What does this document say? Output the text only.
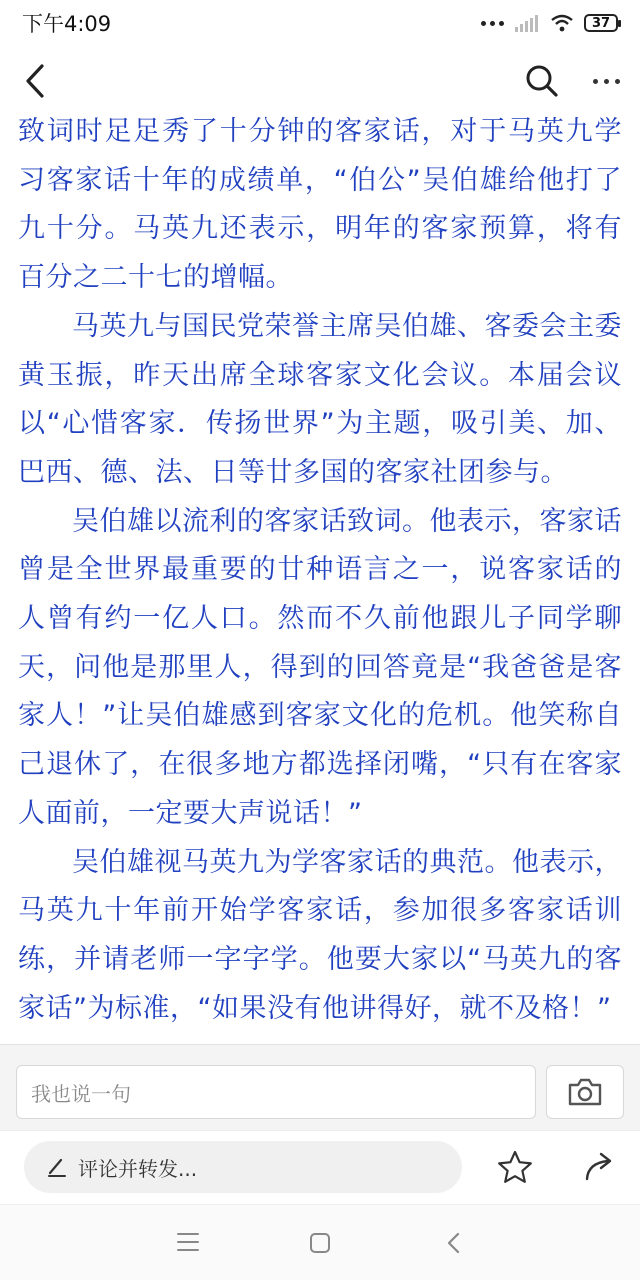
下午4:09	37

致词时足足秀了十分钟的客家话，对于马英九学习客家话十年的成绩单，“伯公”吴伯雄给他打了九十分。马英九还表示，明年的客家预算，将有百分之二十七的增幅。

马英九与国民党荣誉主席吴伯雄、客委会主委黄玉振，昨天出席全球客家文化会议。本届会议以“心惜客家．传扬世界”为主题，吸引美、加、巴西、德、法、日等廿多国的客家社团参与。

吴伯雄以流利的客家话致词。他表示，客家话曾是全世界最重要的廿种语言之一，说客家话的人曾有约一亿人口。然而不久前他跟儿子同学聊天，问他是那里人，得到的回答竟是“我爸爸是客家人！”让吴伯雄感到客家文化的危机。他笑称自己退休了，在很多地方都选择闭嘴，“只有在客家人面前，一定要大声说话！”

吴伯雄视马英九为学客家话的典范。他表示，马英九十年前开始学客家话，参加很多客家话训练，并请老师一字字学。他要大家以“马英九的客家话”为标准，“如果没有他讲得好，就不及格！”

我也说一句
评论并转发...
